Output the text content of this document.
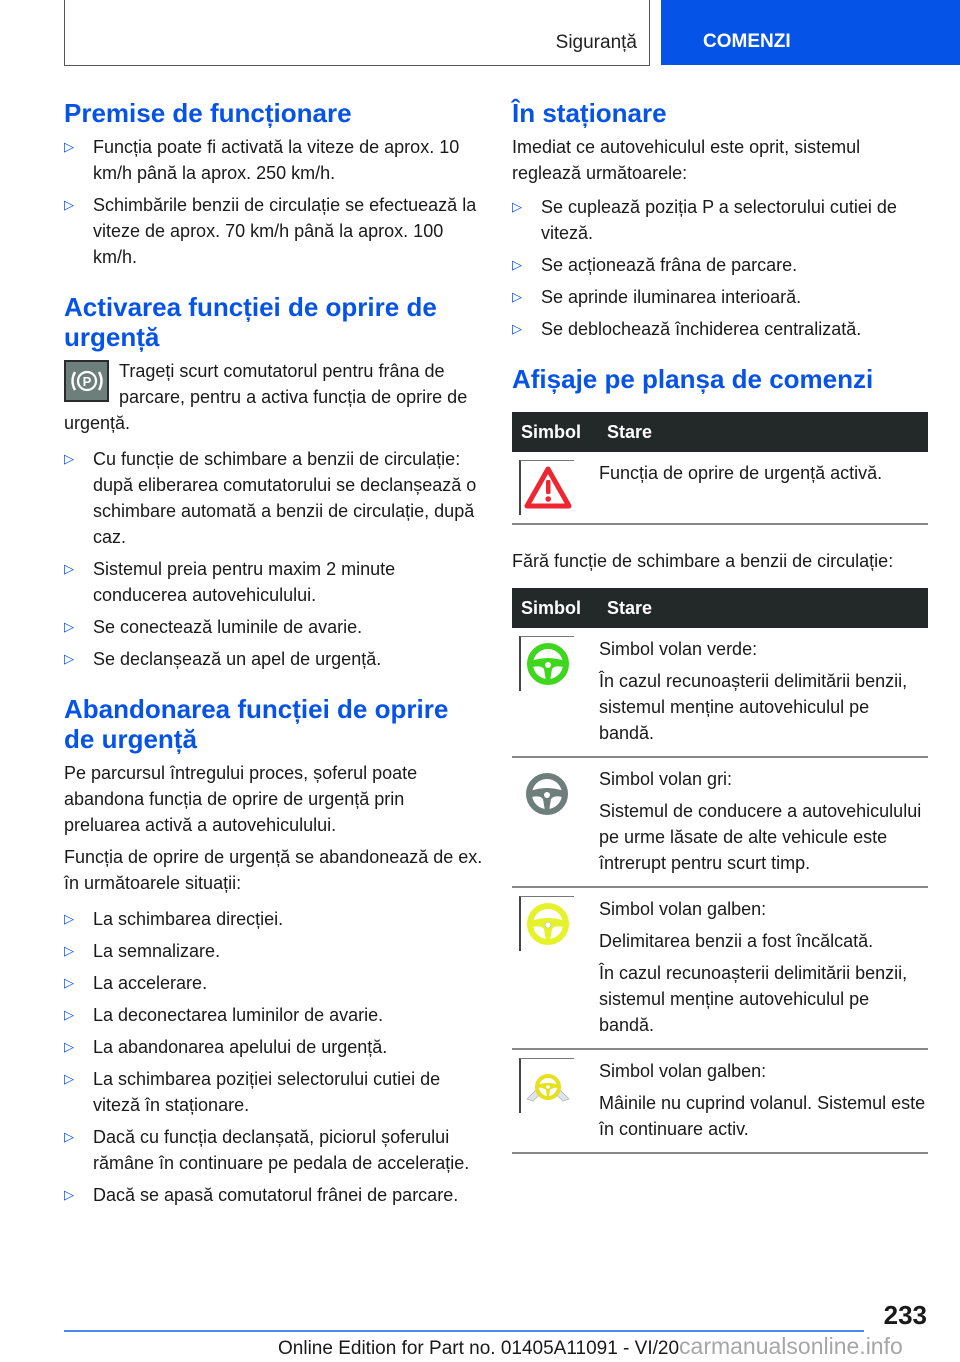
Siguranță	COMENZI
Premise de funcționare
▷ Funcția poate fi activată la viteze de aprox. 10 km/h până la aprox. 250 km/h.
▷ Schimbările benzii de circulație se efectuează la viteze de aprox. 70 km/h până la aprox. 100 km/h.
Activarea funcției de oprire de urgență
P
Trageți scurt comutatorul pentru frâna de parcare, pentru a activa funcția de oprire de urgență.
▷ Cu funcție de schimbare a benzii de circulație: după eliberarea comutatorului se declanșează o schimbare automată a benzii de circulație, după caz.
▷ Sistemul preia pentru maxim 2 minute conducerea autovehiculului.
▷ Se conectează luminile de avarie.
▷ Se declanșează un apel de urgență.
Abandonarea funcției de oprire de urgență
Pe parcursul întregului proces, șoferul poate abandona funcția de oprire de urgență prin preluarea activă a autovehiculului.
Funcția de oprire de urgență se abandonează de ex. în următoarele situații:
▷ La schimbarea direcției.
▷ La semnalizare.
▷ La accelerare.
▷ La deconectarea luminilor de avarie.
▷ La abandonarea apelului de urgență.
▷ La schimbarea poziției selectorului cutiei de viteză în staționare.
▷ Dacă cu funcția declanșată, piciorul șoferului rămâne în continuare pe pedala de accelerație.
▷ Dacă se apasă comutatorul frânei de parcare.
În staționare
Imediat ce autovehiculul este oprit, sistemul reglează următoarele:
▷ Se cuplează poziția P a selectorului cutiei de viteză.
▷ Se acționează frâna de parcare.
▷ Se aprinde iluminarea interioară.
▷ Se deblochează închiderea centralizată.
Afișaje pe planșa de comenzi
Simbol	Stare

Funcția de oprire de urgență activă.
Fără funcție de schimbare a benzii de circulație:
Simbol	Stare

Simbol volan verde:
În cazul recunoașterii delimitării benzii, sistemul menține autovehiculul pe bandă.

Simbol volan gri:
Sistemul de conducere a autovehiculului pe urme lăsate de alte vehicule este întrerupt pentru scurt timp.

Simbol volan galben:
Delimitarea benzii a fost încălcată.
În cazul recunoașterii delimitării benzii, sistemul menține autovehiculul pe bandă.

Simbol volan galben:
Mâinile nu cuprind volanul. Sistemul este în continuare activ.
233
Online Edition for Part no. 01405A11091 - VI/20carmanualsonline.info
